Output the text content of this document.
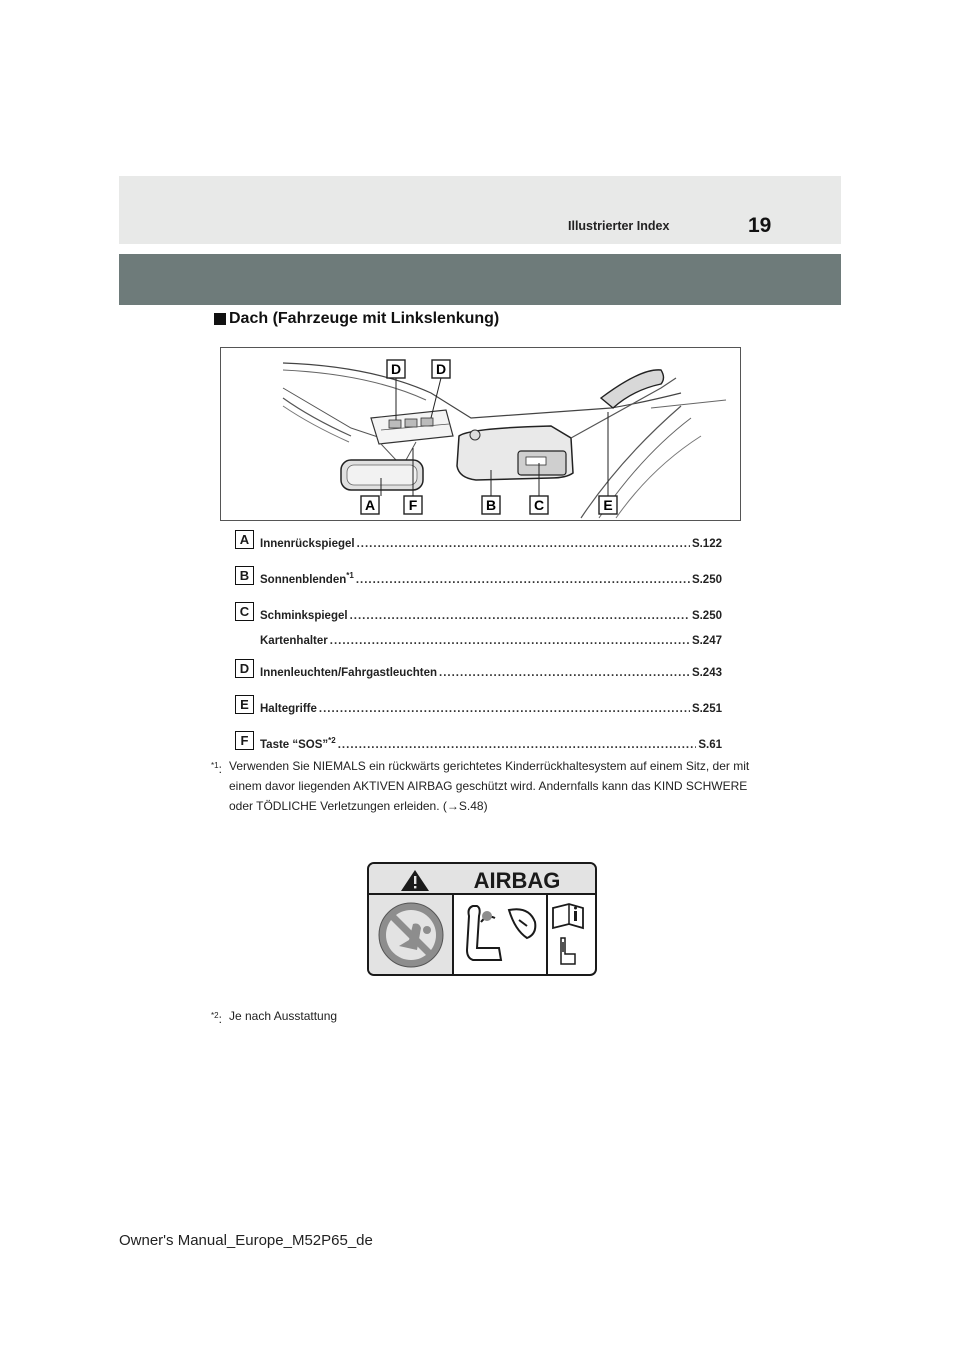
Illustrierter Index	19
Dach (Fahrzeuge mit Linkslenkung)
D D
A F	B	C	E
A Innenrückspiegel .....	S.122
B Sonnenblenden$^{*1}$ .....	S.250
C Schminkspiegel .....	S.250
Kartenhalter .....	S.247
D Innenleuchten/Fahrgastleuchten .....	S.243
E Haltegriffe .....	S.251
F	Taste “SOS”$^{*2}$ .....	S.61
$^{*1}$: Verwenden Sie NIEMALS ein rückwärts gerichtetes Kinderrückhaltesystem auf einem Sitz, der mit einem davor liegenden AKTIVEN AIRBAG geschützt wird. Andernfalls kann das KIND SCHWERE oder TÖDLICHE Verletzungen erleiden. (→S.48)
AIRBAG
$^{*2}$: Je nach Ausstattung
Owner's Manual_Europe_M52P65_de
